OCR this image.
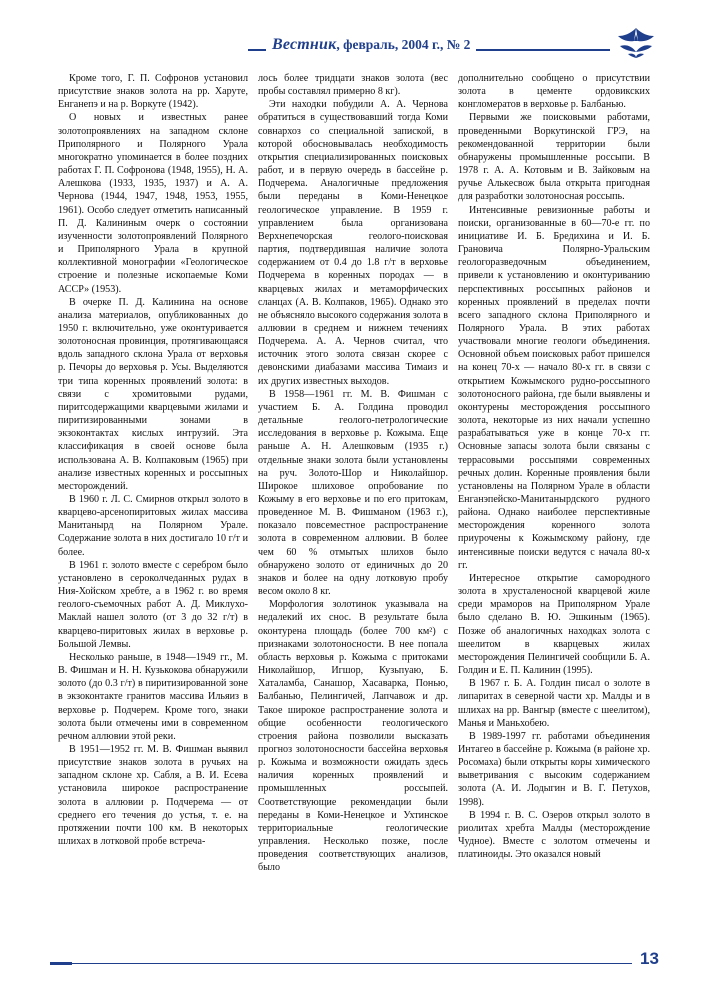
Вестник, февраль, 2004 г., № 2

Кроме того, Г. П. Софронов установил присутствие знаков золота на рр. Харуте, Енганепэ и на р. Воркуте (1942).

О новых и известных ранее золотопроявлениях на западном склоне Приполярного и Полярного Урала многократно упоминается в более поздних работах Г. П. Софронова (1948, 1955), Н. А. Алешкова (1933, 1935, 1937) и А. А. Чернова (1944, 1947, 1948, 1953, 1955, 1961). Особо следует отметить написанный П. Д. Калининым очерк о состоянии изученности золотопроявлений Полярного и Приполярного Урала в крупной коллективной монографии «Геологическое строение и полезные ископаемые Коми АССР» (1953).

В очерке П. Д. Калинина на основе анализа материалов, опубликованных до 1950 г. включительно, уже оконтуривается золотоносная провинция, протягивающаяся вдоль западного склона Урала от верховья р. Печоры до верховья р. Усы. Выделяются три типа коренных проявлений золота: в связи с хромитовыми рудами, пиритсодержащими кварцевыми жилами и пиритизированными зонами в экзоконтактах кислых интрузий. Эта классификация в своей основе была использована А. В. Колпаковым (1965) при анализе известных коренных и россыпных месторождений.

В 1960 г. Л. С. Смирнов открыл золото в кварцево-арсенопиритовых жилах массива Манитанырд на Полярном Урале. Содержание золота в них достигало 10 г/т и более.

В 1961 г. золото вместе с серебром было установлено в сероколчеданных рудах в Ния-Хойском хребте, а в 1962 г. во время геолого-съемочных работ А. Д. Миклухо-Маклай нашел золото (от 3 до 32 г/т) в кварцево-пиритовых жилах в верховье р. Большой Лемвы.

Несколько раньше, в 1948—1949 гг., М. В. Фишман и Н. Н. Кузькокова обнаружили золото (до 0.3 г/т) в пиритизированной зоне в экзоконтакте гранитов массива Ильяиз в верховье р. Подчерем. Кроме того, знаки золота были отмечены ими в современном речном аллювии этой реки.

В 1951—1952 гг. М. В. Фишман выявил присутствие знаков золота в ручьях на западном склоне хр. Сабля, а В. И. Есева установила широкое распространение золота в аллювии р. Подчерема — от среднего его течения до устья, т. е. на протяжении почти 100 км. В некоторых шлихах в лотковой пробе встреча-

лось более тридцати знаков золота (вес пробы составлял примерно 8 кг).

Эти находки побудили А. А. Чернова обратиться в существовавший тогда Коми совнархоз со специальной запиской, в которой обосновывалась необходимость открытия специализированных поисковых работ, и в первую очередь в бассейне р. Подчерема. Аналогичные предложения были переданы в Коми-Ненецкое геологическое управление. В 1959 г. управлением была организована Верхнепечорская геолого-поисковая партия, подтвердившая наличие золота содержанием от 0.4 до 1.8 г/т в верховье Подчерема в коренных породах — в кварцевых жилах и метаморфических сланцах (А. В. Колпаков, 1965). Однако это не объясняло высокого содержания золота в аллювии в среднем и нижнем течениях Подчерема. А. А. Чернов считал, что источник этого золота связан скорее с девонскими диабазами массива Тимаиз и их других известных выходов.

В 1958—1961 гг. М. В. Фишман с участием Б. А. Голдина проводил детальные геолого-петрологические исследования в верховье р. Кожыма. Еще раньше А. Н. Алешковым (1935 г.) отдельные знаки золота были установлены на руч. Золото-Шор и Николайшор. Широкое шлиховое опробование по Кожыму в его верховье и по его притокам, проведенное М. В. Фишманом (1963 г.), показало повсеместное распространение золота в современном аллювии. В более чем 60 % отмытых шлихов было обнаружено золото от единичных до 20 знаков и более на одну лотковую пробу весом около 8 кг.

Морфология золотинок указывала на недалекий их снос. В результате была оконтурена площадь (более 700 км²) с признаками золотоносности. В нее попала область верховья р. Кожыма с притоками Николайшор, Игшор, Кузьпуаю, Б. Хаталамба, Санашор, Хасаварка, Понью, Балбанью, Пелингичей, Лапчавож и др. Такое широкое распространение золота и общие особенности геологического строения района позволили высказать прогноз золотоносности бассейна верховья р. Кожыма и возможности ожидать здесь наличия коренных проявлений и промышленных россыпей. Соответствующие рекомендации были переданы в Коми-Ненецкое и Ухтинское территориальные геологические управления. Несколько позже, после проведения соответствующих анализов, было

дополнительно сообщено о присутствии золота в цементе ордовикских конгломератов в верховье р. Балбанью.

Первыми же поисковыми работами, проведенными Воркутинской ГРЭ, на рекомендованной территории были обнаружены промышленные россыпи. В 1978 г. А. А. Котовым и В. Зайковым на ручье Алькесвож была открыта пригодная для разработки золотоносная россыпь.

Интенсивные ревизионные работы и поиски, организованные в 60—70-е гг. по инициативе И. Б. Бредихина и И. Б. Грановича Полярно-Уральским геологоразведочным объединением, привели к установлению и оконтуриванию перспективных россыпных районов и коренных проявлений в пределах почти всего западного склона Приполярного и Полярного Урала. В этих работах участвовали многие геологи объединения. Основной объем поисковых работ пришелся на конец 70-х — начало 80-х гг. в связи с открытием Кожымского рудно-россыпного золотоносного района, где были выявлены и оконтурены месторождения россыпного золота, некоторые из них начали успешно разрабатываться уже в конце 70-х гг. Основные запасы золота были связаны с террасовыми россыпями современных речных долин. Коренные проявления были установлены на Полярном Урале в области Енганэпейско-Манитанырдского рудного района. Однако наиболее перспективные месторождения коренного золота приурочены к Кожымскому району, где интенсивные поиски ведутся с начала 80-х гг.

Интересное открытие самородного золота в хрусталеносной кварцевой жиле среди мраморов на Приполярном Урале было сделано В. Ю. Эшкиным (1965). Позже об аналогичных находках золота с шеелитом в кварцевых жилах месторождения Пелингичей сообщили Б. А. Голдин и Е. П. Калинин (1995).

В 1967 г. Б. А. Голдин писал о золоте в липаритах в северной части хр. Малды и в шлихах на рр. Вангыр (вместе с шеелитом), Манья и Маньхобею.

В 1989-1997 гг. работами объединения Интагео в бассейне р. Кожыма (в районе хр. Росомаха) были открыты коры химического выветривания с высоким содержанием золота (А. И. Лодыгин и В. Г. Петухов, 1998).

В 1994 г. В. С. Озеров открыл золото в риолитах хребта Малды (месторождение Чудное). Вместе с золотом отмечены и платиноиды. Это оказался новый

13
